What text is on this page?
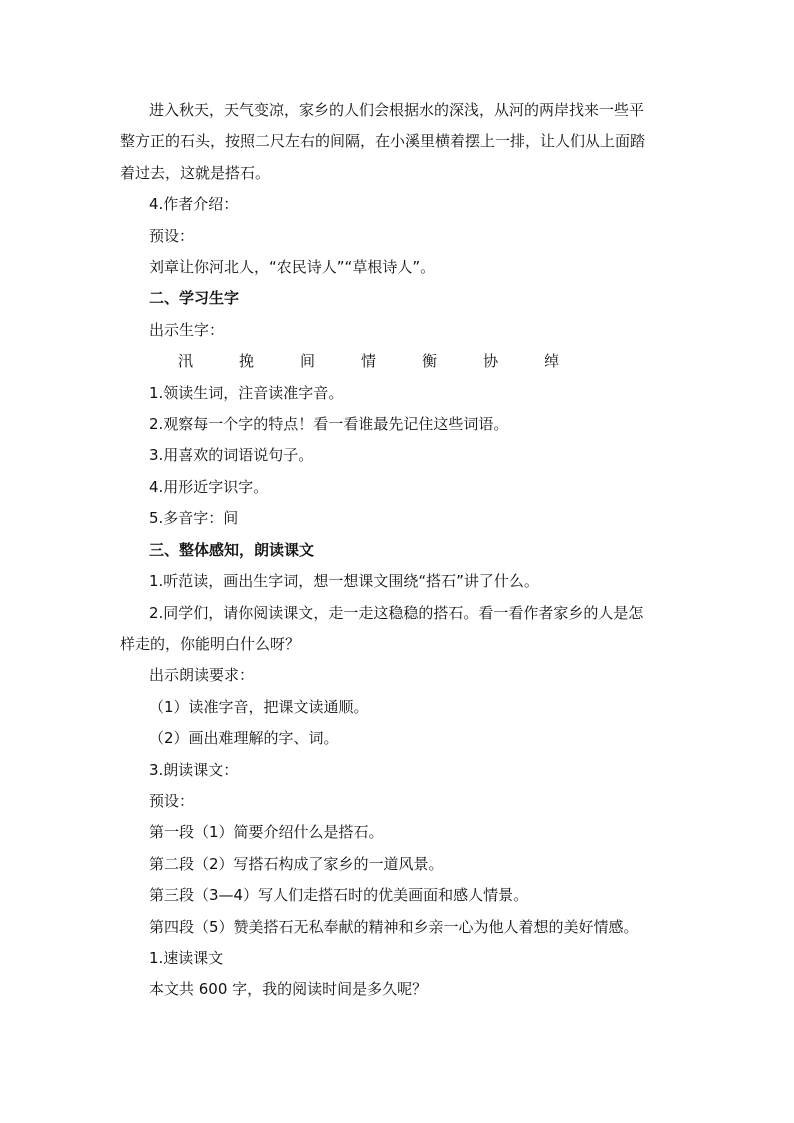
进入秋天，天气变凉，家乡的人们会根据水的深浅，从河的两岸找来一些平

整方正的石头，按照二尺左右的间隔，在小溪里横着摆上一排，让人们从上面踏

着过去，这就是搭石。

4.作者介绍：

预设：

刘章让你河北人，“农民诗人”“草根诗人”。

二、学习生字

出示生字：

汛	挽	间	情	衡	协	绰

1.领读生词，注音读准字音。

2.观察每一个字的特点！看一看谁最先记住这些词语。

3.用喜欢的词语说句子。

4.用形近字识字。

5.多音字：间

三、整体感知，朗读课文

1.听范读，画出生字词，想一想课文围绕“搭石”讲了什么。

2.同学们，请你阅读课文，走一走这稳稳的搭石。看一看作者家乡的人是怎

样走的，你能明白什么呀？

出示朗读要求：

（1）读准字音，把课文读通顺。

（2）画出难理解的字、词。

3.朗读课文：

预设：

第一段（1）简要介绍什么是搭石。

第二段（2）写搭石构成了家乡的一道风景。

第三段（3—4）写人们走搭石时的优美画面和感人情景。

第四段（5）赞美搭石无私奉献的精神和乡亲一心为他人着想的美好情感。

1.速读课文

本文共 600 字，我的阅读时间是多久呢？
